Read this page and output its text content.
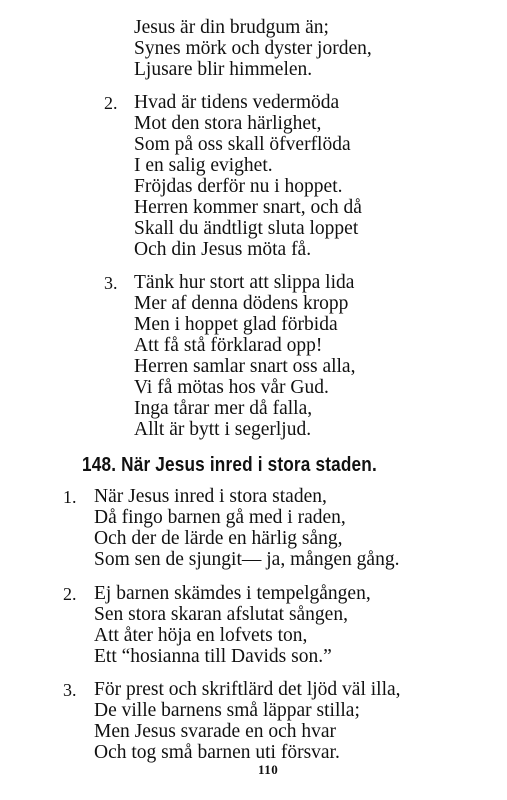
Jesus är din brudgum än;
Synes mörk och dyster jorden,
Ljusare blir himmelen.
2. Hvad är tidens vedermöda
Mot den stora härlighet,
Som på oss skall öfverflöda
I en salig evighet.
Fröjdas derför nu i hoppet.
Herren kommer snart, och då
Skall du ändtligt sluta loppet
Och din Jesus möta få.
3. Tänk hur stort att slippa lida
Mer af denna dödens kropp
Men i hoppet glad förbida
Att få stå förklarad opp!
Herren samlar snart oss alla,
Vi få mötas hos vår Gud.
Inga tårar mer då falla,
Allt är bytt i segerljud.
148. När Jesus inred i stora staden.
1. När Jesus inred i stora staden,
Då fingo barnen gå med i raden,
Och der de lärde en härlig sång,
Som sen de sjungit— ja, mången gång.
2. Ej barnen skämdes i tempelgången,
Sen stora skaran afslutat sången,
Att åter höja en lofvets ton,
Ett “hosianna till Davids son.”
3. För prest och skriftlärd det ljöd väl illa,
De ville barnens små läppar stilla;
Men Jesus svarade en och hvar
Och tog små barnen uti försvar.
110
